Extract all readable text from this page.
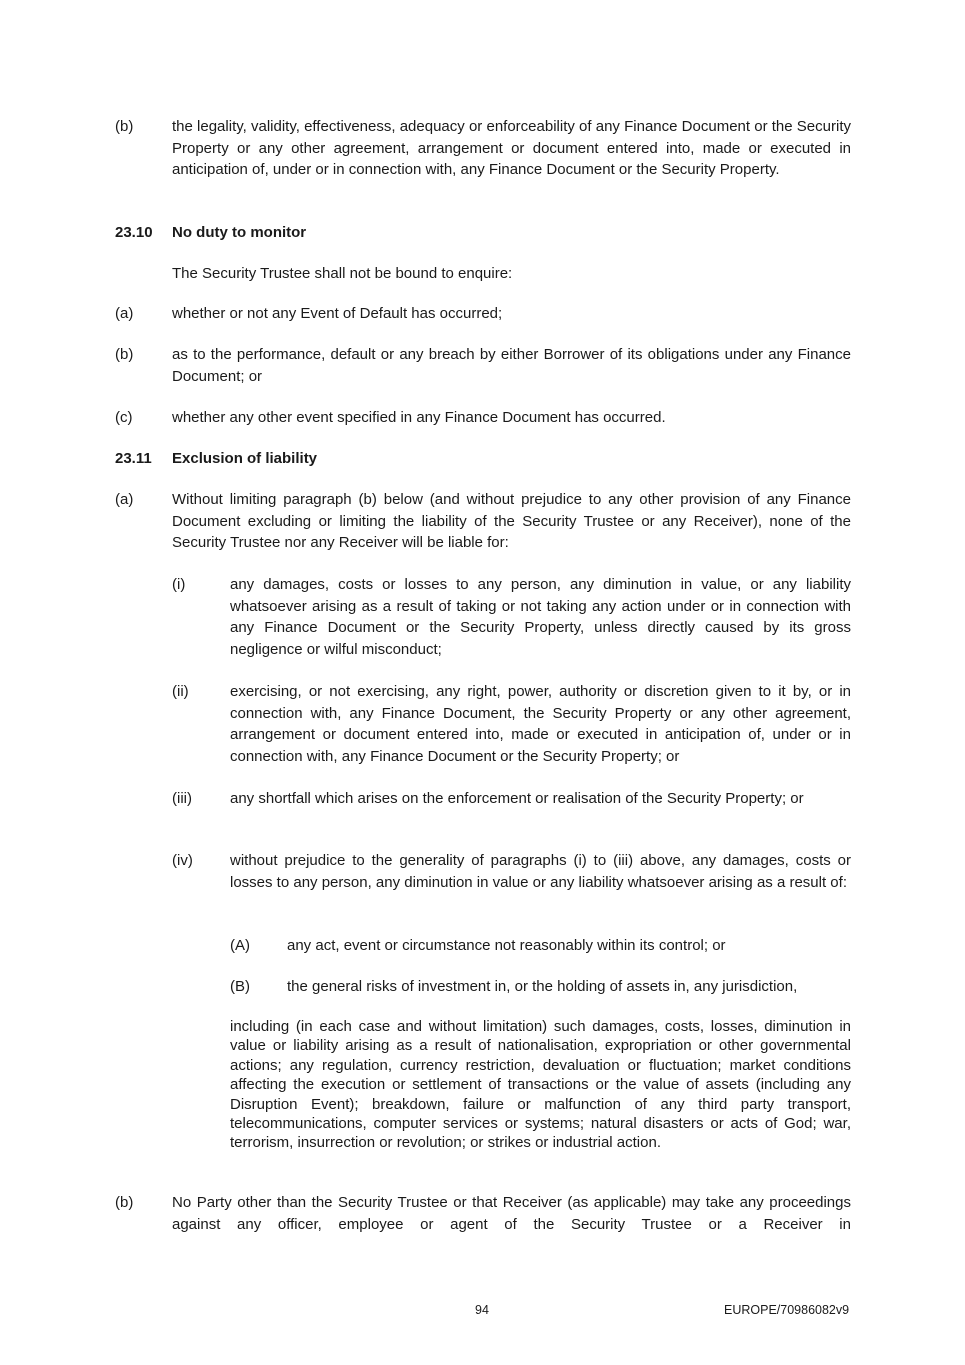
(b)	the legality, validity, effectiveness, adequacy or enforceability of any Finance Document or the Security Property or any other agreement, arrangement or document entered into, made or executed in anticipation of, under or in connection with, any Finance Document or the Security Property.

23.10 No duty to monitor

The Security Trustee shall not be bound to enquire:

(a)	whether or not any Event of Default has occurred;

(b)	as to the performance, default or any breach by either Borrower of its obligations under any Finance Document; or

(c)	whether any other event specified in any Finance Document has occurred.

23.11 Exclusion of liability

(a)	Without limiting paragraph (b) below (and without prejudice to any other provision of any Finance Document excluding or limiting the liability of the Security Trustee or any Receiver), none of the Security Trustee nor any Receiver will be liable for:

(i)	any damages, costs or losses to any person, any diminution in value, or any liability whatsoever arising as a result of taking or not taking any action under or in connection with any Finance Document or the Security Property, unless directly caused by its gross negligence or wilful misconduct;

(ii)	exercising, or not exercising, any right, power, authority or discretion given to it by, or in connection with, any Finance Document, the Security Property or any other agreement, arrangement or document entered into, made or executed in anticipation of, under or in connection with, any Finance Document or the Security Property; or

(iii)	any shortfall which arises on the enforcement or realisation of the Security Property; or

(iv) without prejudice to the generality of paragraphs (i) to (iii) above, any damages, costs or losses to any person, any diminution in value or any liability whatsoever arising as a result of:

(A) any act, event or circumstance not reasonably within its control; or

(B) the general risks of investment in, or the holding of assets in, any jurisdiction,

including (in each case and without limitation) such damages, costs, losses, diminution in value or liability arising as a result of nationalisation, expropriation or other governmental actions; any regulation, currency restriction, devaluation or fluctuation; market conditions affecting the execution or settlement of transactions or the value of assets (including any Disruption Event); breakdown, failure or malfunction of any third party transport, telecommunications, computer services or systems; natural disasters or acts of God; war, terrorism, insurrection or revolution; or strikes or industrial action.

(b)	No Party other than the Security Trustee or that Receiver (as applicable) may take any proceedings against any officer, employee or agent of the Security Trustee or a Receiver in

94	EUROPE/70986082v9
